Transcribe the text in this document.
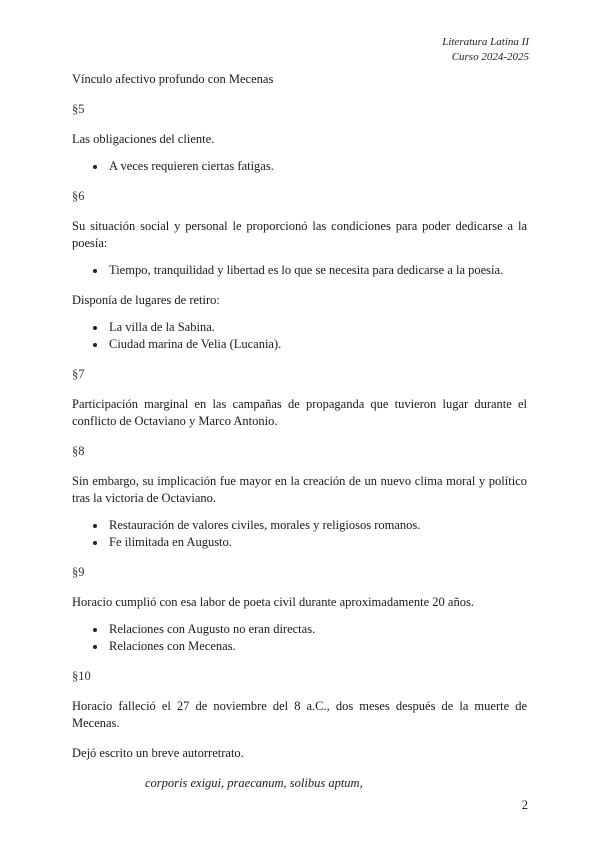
Literatura Latina II
Curso 2024-2025

Vínculo afectivo profundo con Mecenas

§5

Las obligaciones del cliente.

A veces requieren ciertas fatigas.

§6

Su situación social y personal le proporcionó las condiciones para poder dedicarse a la poesía:

Tiempo, tranquilidad y libertad es lo que se necesita para dedicarse a la poesía.

Disponía de lugares de retiro:

La villa de la Sabina.
Ciudad marina de Velia (Lucania).

§7

Participación marginal en las campañas de propaganda que tuvieron lugar durante el conflicto de Octaviano y Marco Antonio.

§8

Sin embargo, su implicación fue mayor en la creación de un nuevo clima moral y político tras la victoria de Octaviano.

Restauración de valores civiles, morales y religiosos romanos.
Fe ilimitada en Augusto.

§9

Horacio cumplió con esa labor de poeta civil durante aproximadamente 20 años.

Relaciones con Augusto no eran directas.
Relaciones con Mecenas.

§10

Horacio falleció el 27 de noviembre del 8 a.C., dos meses después de la muerte de Mecenas.

Dejó escrito un breve autorretrato.

corporis exigui, praecanum, solibus aptum,

2
